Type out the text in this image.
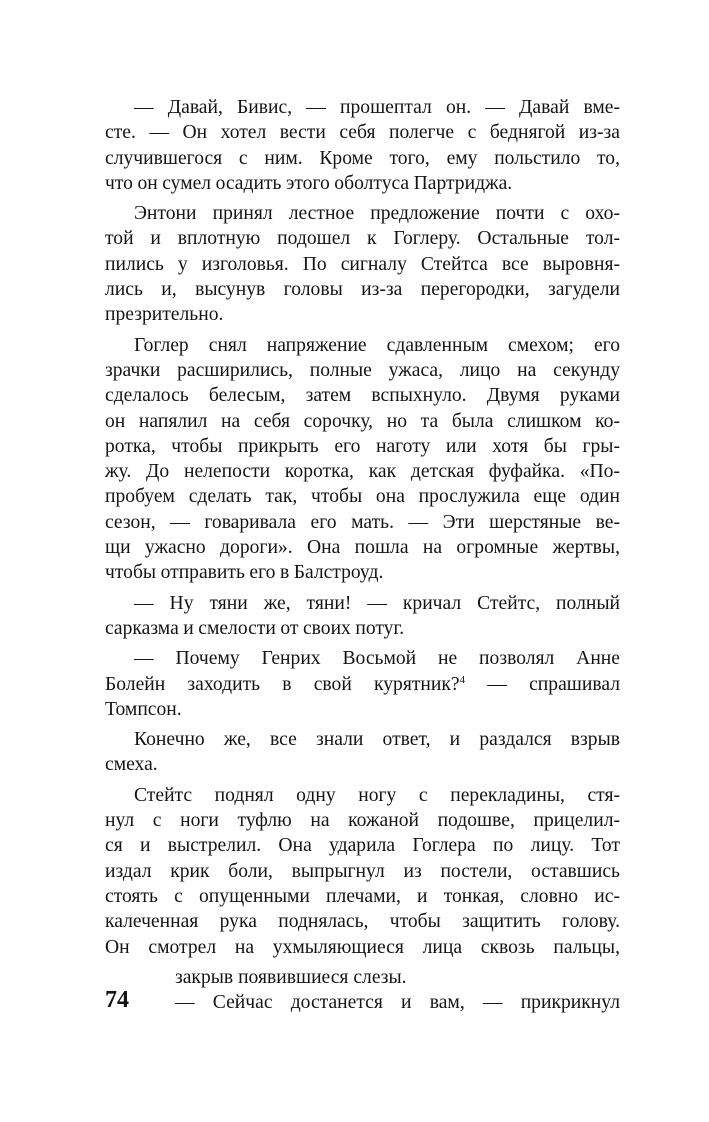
— Давай, Бивис, — прошептал он. — Давай вме-
сте. — Он хотел вести себя полегче с беднягой из-за
случившегося с ним. Кроме того, ему польстило то,
что он сумел осадить этого оболтуса Партриджа.
Энтони принял лестное предложение почти с охо-
той и вплотную подошел к Гоглеру. Остальные тол-
пились у изголовья. По сигналу Стейтса все выровня-
лись и, высунув головы из-за перегородки, загудели
презрительно.
Гоглер снял напряжение сдавленным смехом; его
зрачки расширились, полные ужаса, лицо на секунду
сделалось белесым, затем вспыхнуло. Двумя руками
он напялил на себя сорочку, но та была слишком ко-
ротка, чтобы прикрыть его наготу или хотя бы гры-
жу. До нелепости коротка, как детская фуфайка. «По-
пробуем сделать так, чтобы она прослужила еще один
сезон, — говаривала его мать. — Эти шерстяные ве-
щи ужасно дороги». Она пошла на огромные жертвы,
чтобы отправить его в Балстроуд.
— Ну тяни же, тяни! — кричал Стейтс, полный
сарказма и смелости от своих потуг.
— Почему Генрих Восьмой не позволял Анне
Болейн заходить в свой курятник?$^4$ — спрашивал
Томпсон.
Конечно же, все знали ответ, и раздался взрыв
смеха.
Стейтс поднял одну ногу с перекладины, стя-
нул с ноги туфлю на кожаной подошве, прицелил-
ся и выстрелил. Она ударила Гоглера по лицу. Тот
издал крик боли, выпрыгнул из постели, оставшись
стоять с опущенными плечами, и тонкая, словно ис-
калеченная рука поднялась, чтобы защитить голову.
Он смотрел на ухмыляющиеся лица сквозь пальцы,
закрыв появившиеся слезы.
74 — Сейчас достанется и вам, — прикрикнул
